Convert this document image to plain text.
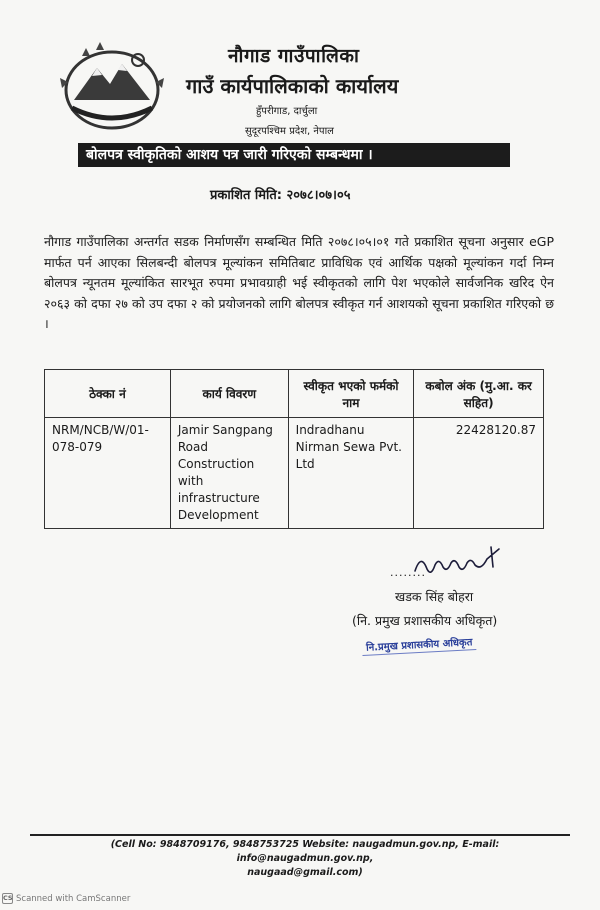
नौगाड गाउँपालिका
गाउँ कार्यपालिकाको कार्यालय
हुँपरीगाड, दार्चुला
सुदूरपश्चिम प्रदेश, नेपाल
बोलपत्र स्वीकृतिको आशय पत्र जारी गरिएको सम्बन्धमा ।
प्रकाशित मिति: २०७८।०७।०५

नौगाड गाउँपालिका अन्तर्गत सडक निर्माणसँग सम्बन्धित मिति २०७८।०५।०१ गते प्रकाशित सूचना अनुसार eGP मार्फत पर्न आएका सिलबन्दी बोलपत्र मूल्यांकन समितिबाट प्राविधिक एवं आर्थिक पक्षको मूल्यांकन गर्दा निम्न बोलपत्र न्यूनतम मूल्यांकित सारभूत रुपमा प्रभावग्राही भई स्वीकृतको लागि पेश भएकोले सार्वजनिक खरिद ऐन २०६३ को दफा २७ को उप दफा २ को प्रयोजनको लागि बोलपत्र स्वीकृत गर्न आशयको सूचना प्रकाशित गरिएको छ ।

ठेक्का नं	कार्य विवरण	स्वीकृत भएको फर्मको नाम	कबोल अंक (मु.आ. कर सहित)
NRM/NCB/W/01-078-079	Jamir Sangpang Road Construction with infrastructure Development	Indradhanu Nirman Sewa Pvt. Ltd	22428120.87
........
खडक सिंह बोहरा
(नि. प्रमुख प्रशासकीय अधिकृत)
नि.प्रमुख प्रशासकीय अधिकृत
(Cell No: 9848709176, 9848753725 Website: naugadmun.gov.np, E-mail: info@naugadmun.gov.np,
naugaad@gmail.com)
CS Scanned with CamScanner
